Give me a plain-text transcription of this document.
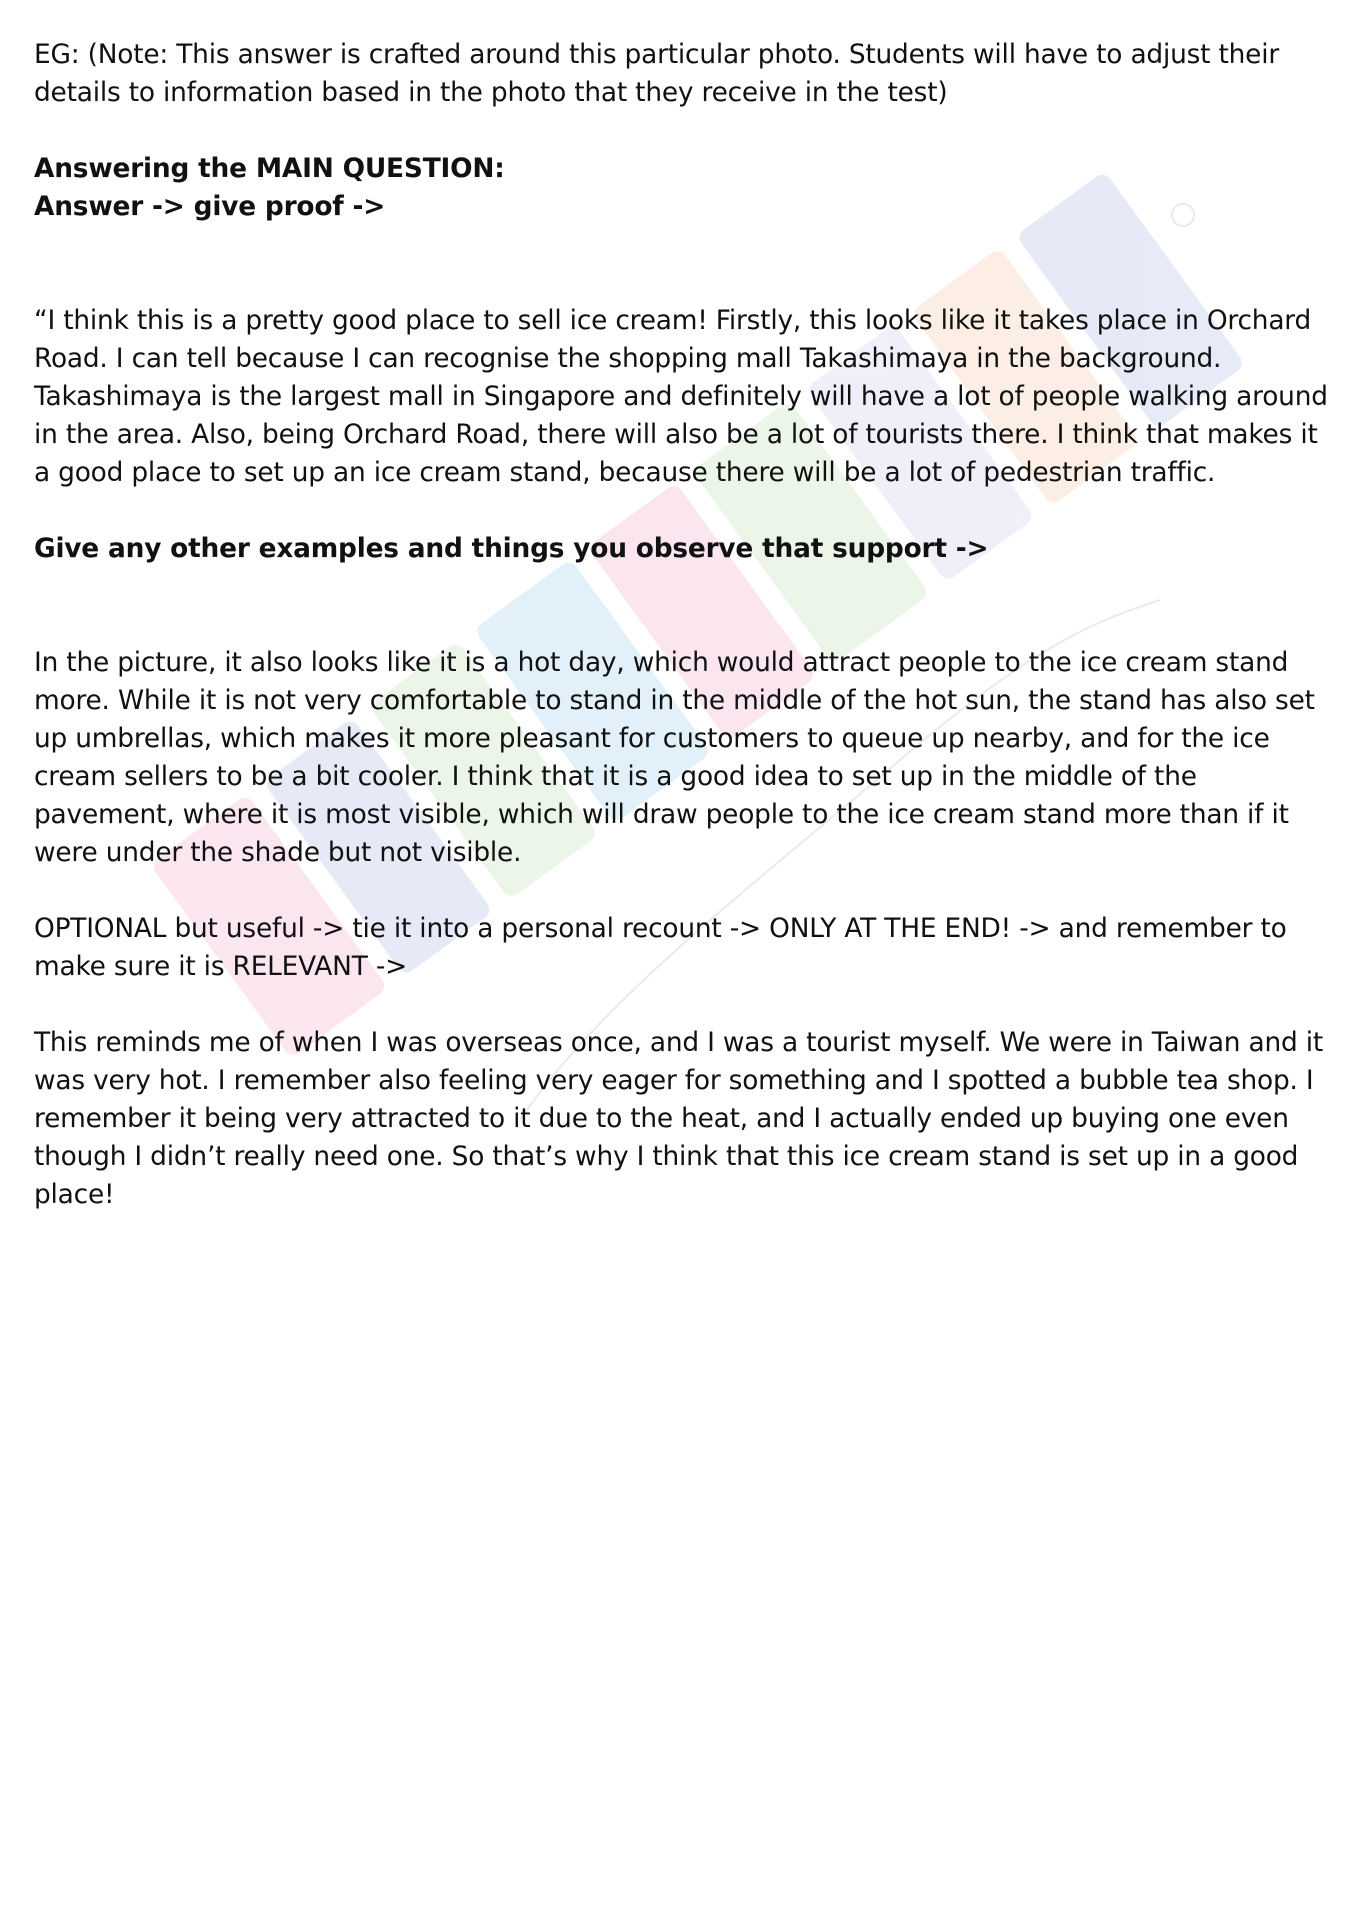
EG: (Note: This answer is crafted around this particular photo. Students will have to adjust their details to information based in the photo that they receive in the test)

Answering the MAIN QUESTION:

Answer -> give proof ->

“I think this is a pretty good place to sell ice cream! Firstly, this looks like it takes place in Orchard Road. I can tell because I can recognise the shopping mall Takashimaya in the background. Takashimaya is the largest mall in Singapore and definitely will have a lot of people walking around in the area. Also, being Orchard Road, there will also be a lot of tourists there. I think that makes it a good place to set up an ice cream stand, because there will be a lot of pedestrian traffic.

Give any other examples and things you observe that support ->

In the picture, it also looks like it is a hot day, which would attract people to the ice cream stand more. While it is not very comfortable to stand in the middle of the hot sun, the stand has also set up umbrellas, which makes it more pleasant for customers to queue up nearby, and for the ice cream sellers to be a bit cooler. I think that it is a good idea to set up in the middle of the pavement, where it is most visible, which will draw people to the ice cream stand more than if it were under the shade but not visible.

OPTIONAL but useful -> tie it into a personal recount -> ONLY AT THE END! -> and remember to make sure it is RELEVANT ->

This reminds me of when I was overseas once, and I was a tourist myself. We were in Taiwan and it was very hot. I remember also feeling very eager for something and I spotted a bubble tea shop. I remember it being very attracted to it due to the heat, and I actually ended up buying one even though I didn’t really need one. So that’s why I think that this ice cream stand is set up in a good place!
